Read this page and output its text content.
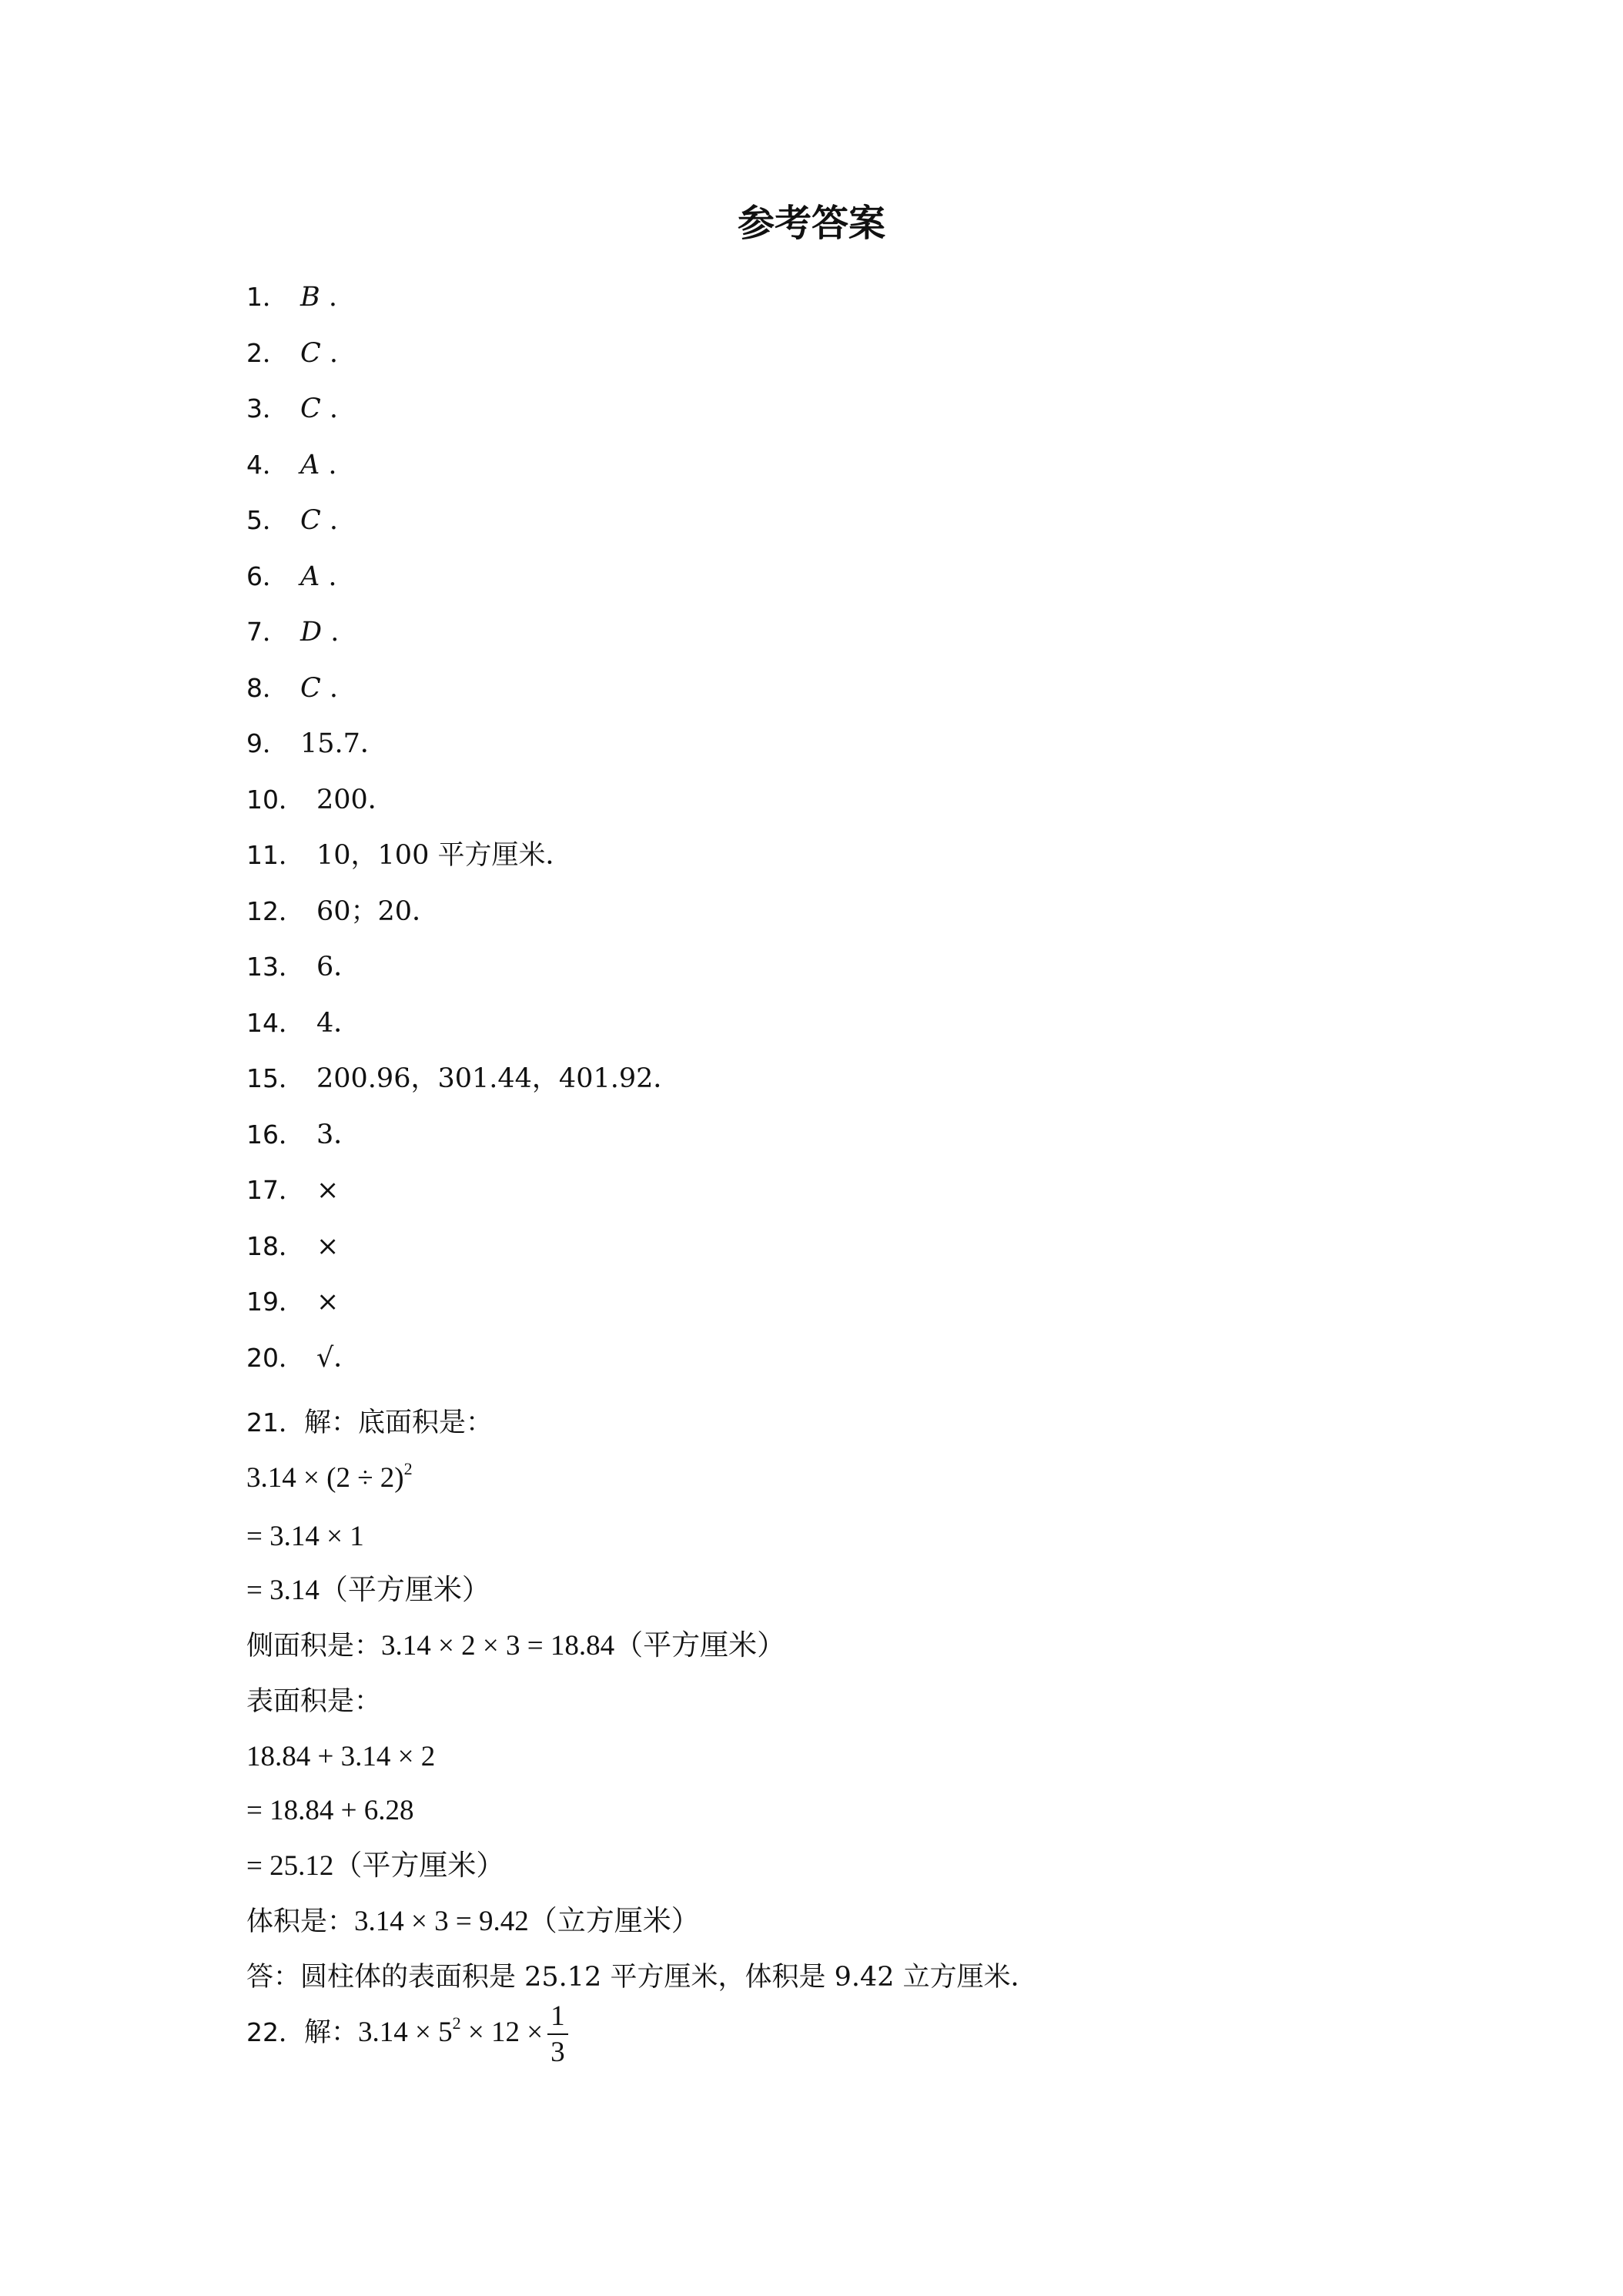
参考答案
1． B .
2． C .
3． C .
4． A .
5． C .
6． A .
7． D .
8． C .
9． 15.7．
10． 200．
11． 10，100 平方厘米．
12． 60；20．
13． 6．
14． 4．
15． 200.96，301.44，401.92．
16． 3．
17． ×
18． ×
19． ×
20． √．
21．解：底面积是：
$3.14 \times (2 \div 2)^2$
= 3.14 × 1
= 3.14（平方厘米）
侧面积是：3.14 × 2 × 3 = 18.84（平方厘米）
表面积是：
18.84 + 3.14 × 2
= 18.84 + 6.28
= 25.12（平方厘米）
体积是：3.14 × 3 = 9.42（立方厘米）
答：圆柱体的表面积是 25.12 平方厘米，体积是 9.42 立方厘米．
22．解：$3.14 \times 5^2 \times 12 \times \frac{1}{3}$
